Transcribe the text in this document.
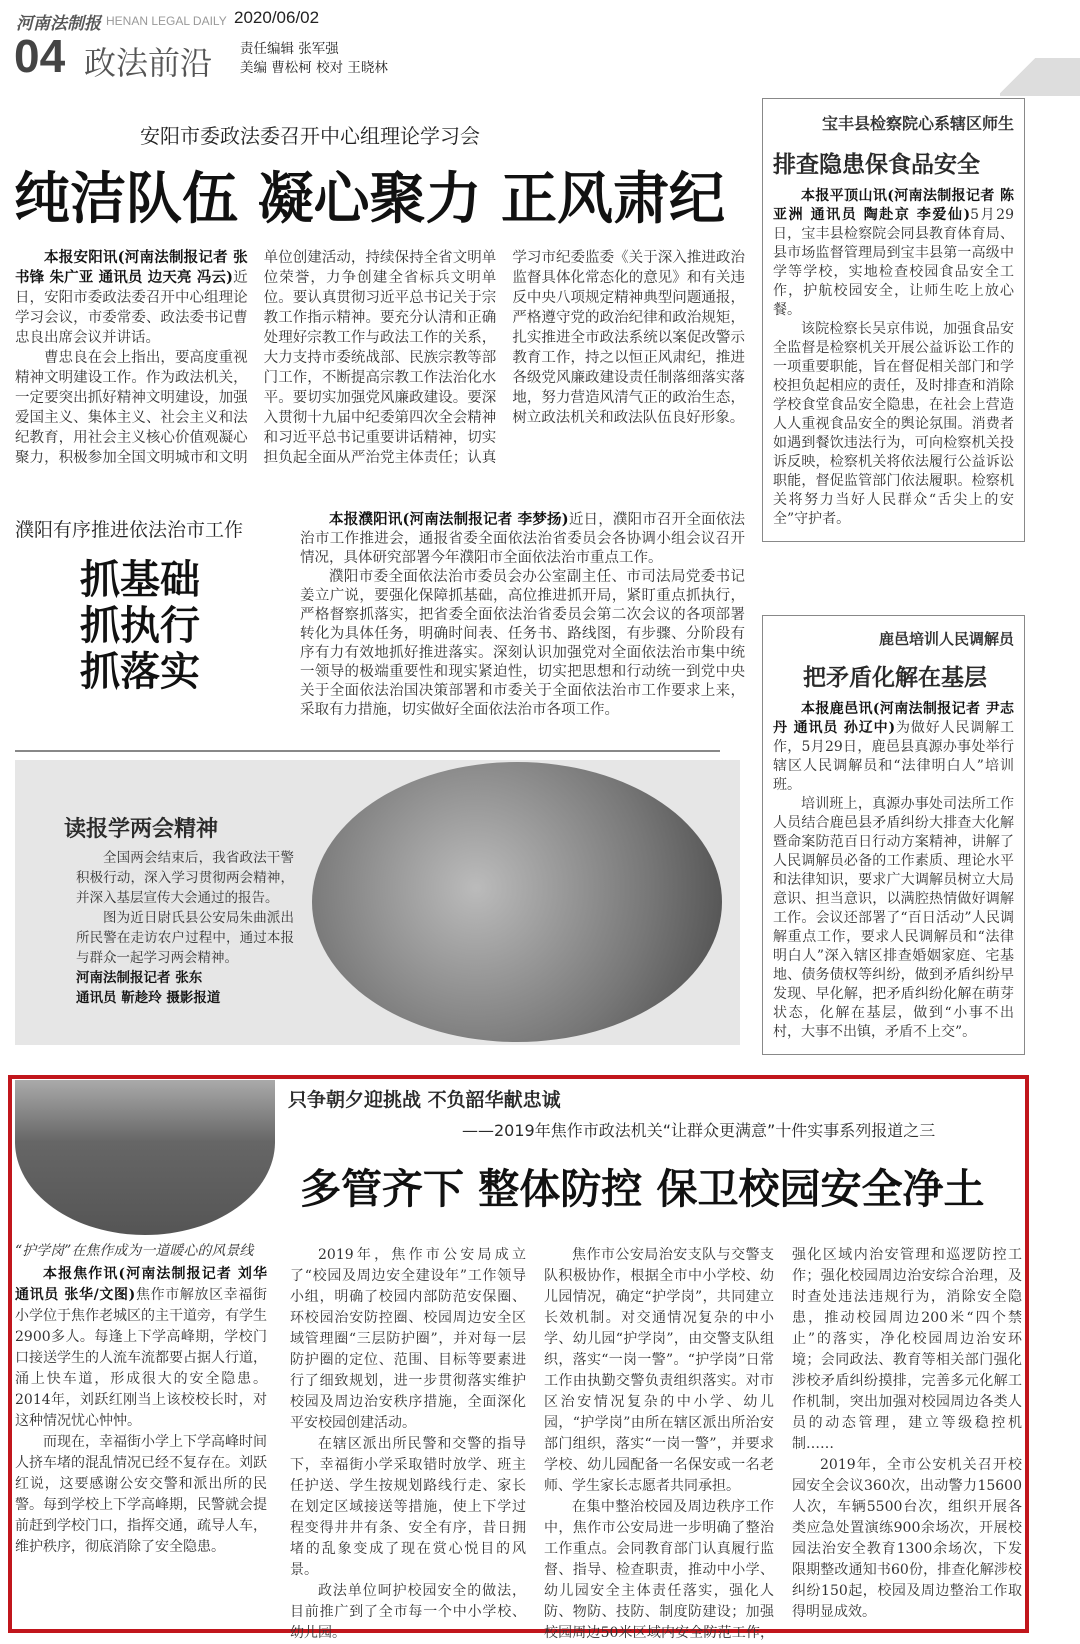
河南法制报 HENAN LEGAL DAILY 2020/06/02
04 政法前沿 责任编辑 张军强
美编 曹松柯 校对 王晓林
安阳市委政法委召开中心组理论学习会
纯洁队伍 凝心聚力 正风肃纪

本报安阳讯(河南法制报记者 张书锋 朱广亚 通讯员 边天亮 冯云)近日，安阳市委政法委召开中心组理论学习会议，市委常委、政法委书记曹忠良出席会议并讲话。

曹忠良在会上指出，要高度重视精神文明建设工作。作为政法机关，一定要突出抓好精神文明建设，加强爱国主义、集体主义、社会主义和法纪教育，用社会主义核心价值观凝心聚力，积极参加全国文明城市和文明单位创建活动，持续保持全省文明单位荣誉，力争创建全省标兵文明单位。要认真贯彻习近平总书记关于宗教工作指示精神。要充分认清和正确处理好宗教工作与政法工作的关系，大力支持市委统战部、民族宗教等部门工作，不断提高宗教工作法治化水平。要切实加强党风廉政建设。要深入贯彻十九届中纪委第四次全会精神和习近平总书记重要讲话精神，切实担负起全面从严治党主体责任；认真学习市纪委监委《关于深入推进政治监督具体化常态化的意见》和有关违反中央八项规定精神典型问题通报，严格遵守党的政治纪律和政治规矩，扎实推进全市政法系统以案促改警示教育工作，持之以恒正风肃纪，推进各级党风廉政建设责任制落细落实落地，努力营造风清气正的政治生态，树立政法机关和政法队伍良好形象。

宝丰县检察院心系辖区师生
排查隐患保食品安全

本报平顶山讯(河南法制报记者 陈亚洲 通讯员 陶赴京 李爱仙)5月29日，宝丰县检察院会同县教育体育局、县市场监督管理局到宝丰县第一高级中学等学校，实地检查校园食品安全工作，护航校园安全，让师生吃上放心餐。

该院检察长吴京伟说，加强食品安全监督是检察机关开展公益诉讼工作的一项重要职能，旨在督促相关部门和学校担负起相应的责任，及时排查和消除学校食堂食品安全隐患，在社会上营造人人重视食品安全的舆论氛围。消费者如遇到餐饮违法行为，可向检察机关投诉反映，检察机关将依法履行公益诉讼职能，督促监管部门依法履职。检察机关将努力当好人民群众“舌尖上的安全”守护者。

濮阳有序推进依法治市工作
抓基础
抓执行
抓落实

本报濮阳讯(河南法制报记者 李梦扬)近日，濮阳市召开全面依法治市工作推进会，通报省委全面依法治省委员会各协调小组会议召开情况，具体研究部署今年濮阳市全面依法治市重点工作。

濮阳市委全面依法治市委员会办公室副主任、市司法局党委书记姜立广说，要强化保障抓基础，高位推进抓开局，紧盯重点抓执行，严格督察抓落实，把省委全面依法治省委员会第二次会议的各项部署转化为具体任务，明确时间表、任务书、路线图，有步骤、分阶段有序有力有效地抓好推进落实。深刻认识加强党对全面依法治市集中统一领导的极端重要性和现实紧迫性，切实把思想和行动统一到党中央关于全面依法治国决策部署和市委关于全面依法治市工作要求上来，采取有力措施，切实做好全面依法治市各项工作。

鹿邑培训人民调解员
把矛盾化解在基层

本报鹿邑讯(河南法制报记者 尹志丹 通讯员 孙辽中)为做好人民调解工作，5月29日，鹿邑县真源办事处举行辖区人民调解员和“法律明白人”培训班。

培训班上，真源办事处司法所工作人员结合鹿邑县矛盾纠纷大排查大化解暨命案防范百日行动方案精神，讲解了人民调解员必备的工作素质、理论水平和法律知识，要求广大调解员树立大局意识、担当意识，以满腔热情做好调解工作。会议还部署了“百日活动”人民调解重点工作，要求人民调解员和“法律明白人”深入辖区排查婚姻家庭、宅基地、债务债权等纠纷，做到矛盾纠纷早发现、早化解，把矛盾纠纷化解在萌芽状态，化解在基层，做到“小事不出村，大事不出镇，矛盾不上交”。

读报学两会精神

全国两会结束后，我省政法干警积极行动，深入学习贯彻两会精神，并深入基层宣传大会通过的报告。

图为近日尉氏县公安局朱曲派出所民警在走访农户过程中，通过本报与群众一起学习两会精神。

河南法制报记者 张东

通讯员 靳趁玲 摄影报道

“护学岗”在焦作成为一道暖心的风景线
只争朝夕迎挑战 不负韶华献忠诚
——2019年焦作市政法机关“让群众更满意”十件实事系列报道之三
多管齐下 整体防控 保卫校园安全净土

本报焦作讯(河南法制报记者 刘华 通讯员 张华/文图)焦作市解放区幸福街小学位于焦作老城区的主干道旁，有学生2900多人。每逢上下学高峰期，学校门口接送学生的人流车流都要占据人行道，涌上快车道，形成很大的安全隐患。2014年，刘跃红刚当上该校校长时，对这种情况忧心忡忡。

而现在，幸福街小学上下学高峰时间人挤车堵的混乱情况已经不复存在。刘跃红说，这要感谢公安交警和派出所的民警。每到学校上下学高峰期，民警就会提前赶到学校门口，指挥交通，疏导人车，维护秩序，彻底消除了安全隐患。

2019年，焦作市公安局成立了“校园及周边安全建设年”工作领导小组，明确了校园内部防范安保圈、环校园治安防控圈、校园周边安全区域管理圈“三层防护圈”，并对每一层防护圈的定位、范围、目标等要素进行了细致规划，进一步贯彻落实维护校园及周边治安秩序措施，全面深化平安校园创建活动。

在辖区派出所民警和交警的指导下，幸福街小学采取错时放学、班主任护送、学生按规划路线行走、家长在划定区域接送等措施，使上下学过程变得井井有条、安全有序，昔日拥堵的乱象变成了现在赏心悦目的风景。

政法单位呵护校园安全的做法，目前推广到了全市每一个中小学校、幼儿园。

焦作市公安局治安支队与交警支队积极协作，根据全市中小学校、幼儿园情况，确定“护学岗”，共同建立长效机制。对交通情况复杂的中小学、幼儿园“护学岗”，由交警支队组织，落实“一岗一警”。“护学岗”日常工作由执勤交警负责组织落实。对市区治安情况复杂的中小学、幼儿园，“护学岗”由所在辖区派出所治安部门组织，落实“一岗一警”，并要求学校、幼儿园配备一名保安或一名老师、学生家长志愿者共同承担。

在集中整治校园及周边秩序工作中，焦作市公安局进一步明确了整治工作重点。会同教育部门认真履行监督、指导、检查职责，推动中小学、幼儿园安全主体责任落实，强化人防、物防、技防、制度防建设；加强校园周边50米区域内安全防范工作，强化区域内治安管理和巡逻防控工作；强化校园周边治安综合治理，及时查处违法违规行为，消除安全隐患，推动校园周边200米“四个禁止”的落实，净化校园周边治安环境；会同政法、教育等相关部门强化涉校矛盾纠纷摸排，完善多元化解工作机制，突出加强对校园周边各类人员的动态管理，建立等级稳控机制……

2019年，全市公安机关召开校园安全会议360次，出动警力15600人次，车辆5500台次，组织开展各类应急处置演练900余场次，开展校园法治安全教育1300余场次，下发限期整改通知书60份，排查化解涉校纠纷150起，校园及周边整治工作取得明显成效。
